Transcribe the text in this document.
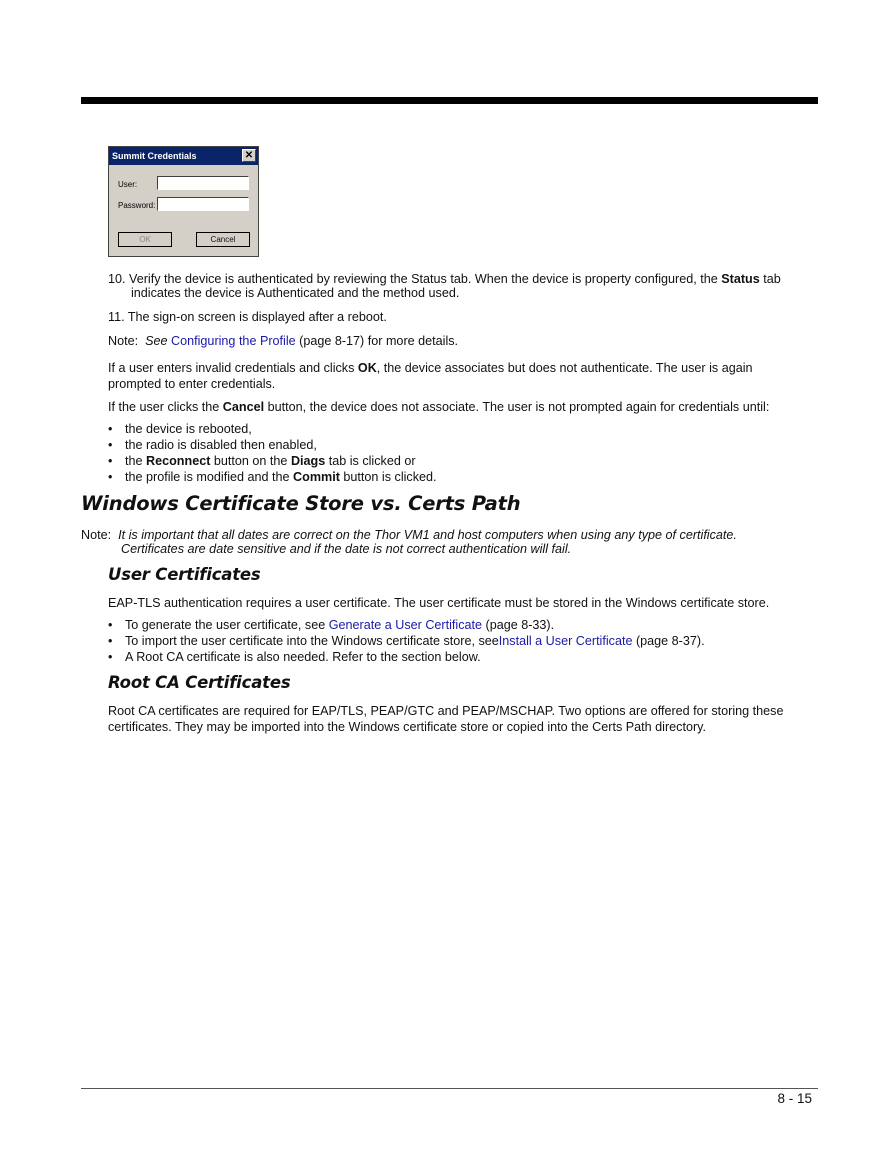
Summit Credentials	✕
User:
Password:
OK	Cancel
10. Verify the device is authenticated by reviewing the Status tab. When the device is property configured, the Status tab
indicates the device is Authenticated and the method used.
11. The sign-on screen is displayed after a reboot.
Note: See Configuring the Profile (page 8-17) for more details.
If a user enters invalid credentials and clicks OK, the device associates but does not authenticate. The user is again
prompted to enter credentials.
If the user clicks the Cancel button, the device does not associate. The user is not prompted again for credentials until:
• the device is rebooted,
• the radio is disabled then enabled,
• the Reconnect button on the Diags tab is clicked or
• the profile is modified and the Commit button is clicked.
Windows Certificate Store vs. Certs Path
Note: It is important that all dates are correct on the Thor VM1 and host computers when using any type of certificate.
Certificates are date sensitive and if the date is not correct authentication will fail.
User Certificates
EAP-TLS authentication requires a user certificate. The user certificate must be stored in the Windows certificate store.
• To generate the user certificate, see Generate a User Certificate (page 8-33).
• To import the user certificate into the Windows certificate store, seeInstall a User Certificate (page 8-37).
• A Root CA certificate is also needed. Refer to the section below.
Root CA Certificates
Root CA certificates are required for EAP/TLS, PEAP/GTC and PEAP/MSCHAP. Two options are offered for storing these
certificates. They may be imported into the Windows certificate store or copied into the Certs Path directory.
8 - 15
